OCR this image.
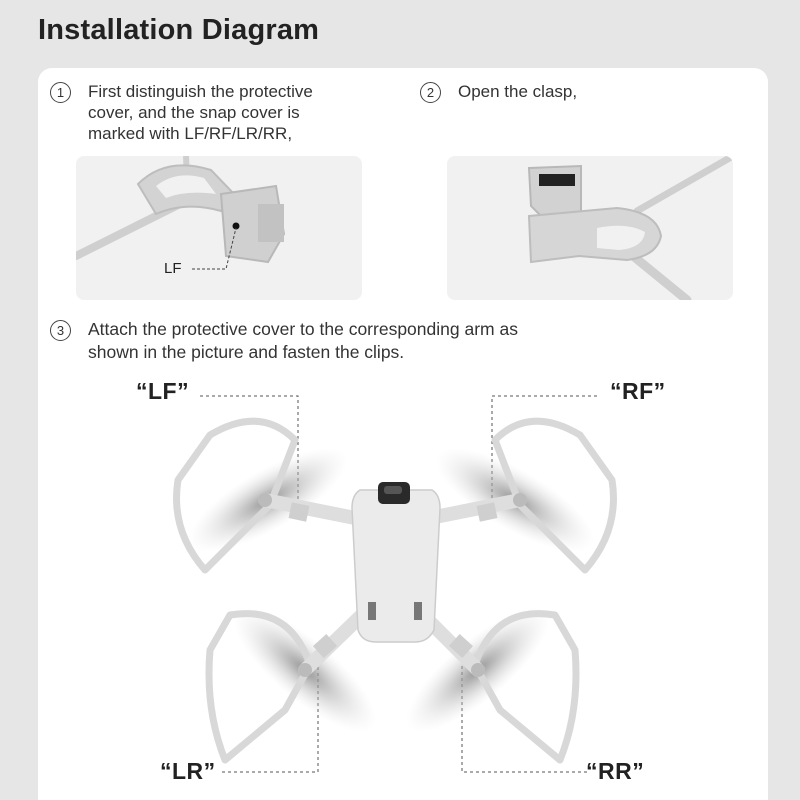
Installation Diagram
1	First distinguish the protective
cover, and the snap cover is
marked with LF/RF/LR/RR,
2	Open the clasp,
LF
3	Attach the protective cover to the corresponding arm as
shown in the picture and fasten the clips.
“LF”	“RF”
“LR”	“RR”
